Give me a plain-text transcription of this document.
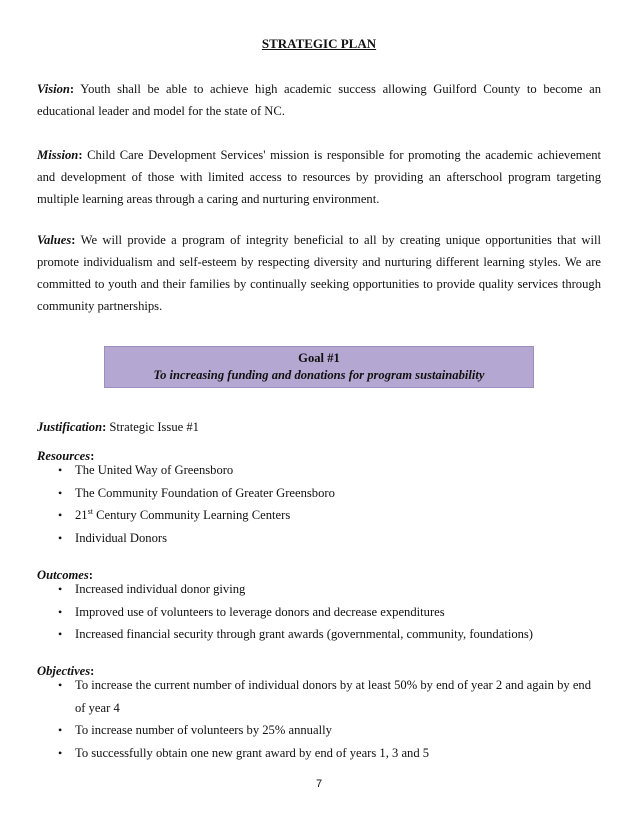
STRATEGIC PLAN
Vision: Youth shall be able to achieve high academic success allowing Guilford County to become an educational leader and model for the state of NC.
Mission: Child Care Development Services' mission is responsible for promoting the academic achievement and development of those with limited access to resources by providing an afterschool program targeting multiple learning areas through a caring and nurturing environment.
Values: We will provide a program of integrity beneficial to all by creating unique opportunities that will promote individualism and self-esteem by respecting diversity and nurturing different learning styles. We are committed to youth and their families by continually seeking opportunities to provide quality services through community partnerships.
Goal #1
To increasing funding and donations for program sustainability
Justification: Strategic Issue #1
Resources:
• The United Way of Greensboro
• The Community Foundation of Greater Greensboro
• 21st Century Community Learning Centers
• Individual Donors
Outcomes:
• Increased individual donor giving
• Improved use of volunteers to leverage donors and decrease expenditures
• Increased financial security through grant awards (governmental, community, foundations)
Objectives:
• To increase the current number of individual donors by at least 50% by end of year 2 and again by end of year 4
• To increase number of volunteers by 25% annually
• To successfully obtain one new grant award by end of years 1, 3 and 5
7
